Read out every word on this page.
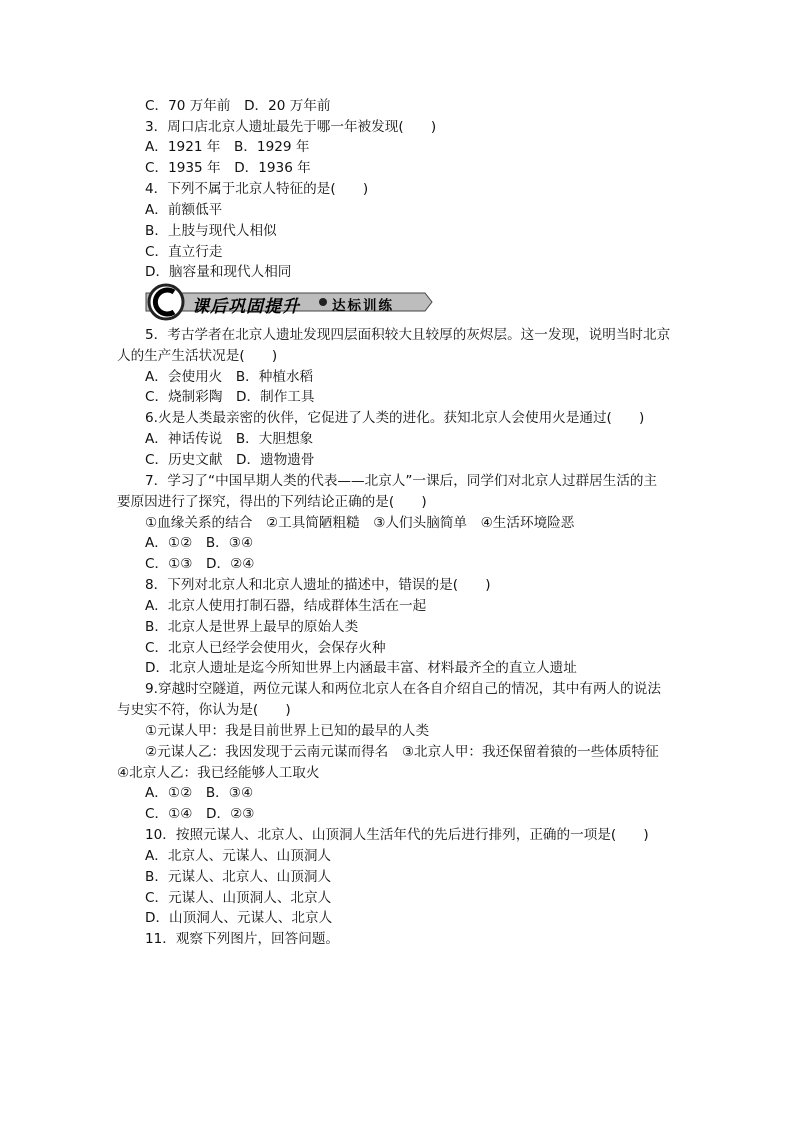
C．70 万年前　D．20 万年前
3．周口店北京人遗址最先于哪一年被发现(　　)
A．1921 年　B．1929 年
C．1935 年　D．1936 年
4．下列不属于北京人特征的是(　　)
A．前额低平
B．上肢与现代人相似
C．直立行走
D．脑容量和现代人相同
课后巩固提升 达标训练
5．考古学者在北京人遗址发现四层面积较大且较厚的灰烬层。这一发现，说明当时北京
人的生产生活状况是(　　)
A．会使用火　B．种植水稻
C．烧制彩陶　D．制作工具
6.火是人类最亲密的伙伴，它促进了人类的进化。获知北京人会使用火是通过(　　)
A．神话传说　B．大胆想象
C．历史文献　D．遗物遗骨
7．学习了“中国早期人类的代表——北京人”一课后，同学们对北京人过群居生活的主
要原因进行了探究，得出的下列结论正确的是(　　)
①血缘关系的结合　②工具简陋粗糙　③人们头脑简单　④生活环境险恶
A．①②　B．③④
C．①③　D．②④
8．下列对北京人和北京人遗址的描述中，错误的是(　　)
A．北京人使用打制石器，结成群体生活在一起
B．北京人是世界上最早的原始人类
C．北京人已经学会使用火，会保存火种
D．北京人遗址是迄今所知世界上内涵最丰富、材料最齐全的直立人遗址
9.穿越时空隧道，两位元谋人和两位北京人在各自介绍自己的情况，其中有两人的说法
与史实不符，你认为是(　　)
①元谋人甲：我是目前世界上已知的最早的人类
②元谋人乙：我因发现于云南元谋而得名　③北京人甲：我还保留着猿的一些体质特征
④北京人乙：我已经能够人工取火
A．①②　B．③④
C．①④　D．②③
10．按照元谋人、北京人、山顶洞人生活年代的先后进行排列，正确的一项是(　　)
A．北京人、元谋人、山顶洞人
B．元谋人、北京人、山顶洞人
C．元谋人、山顶洞人、北京人
D．山顶洞人、元谋人、北京人
11．观察下列图片，回答问题。
